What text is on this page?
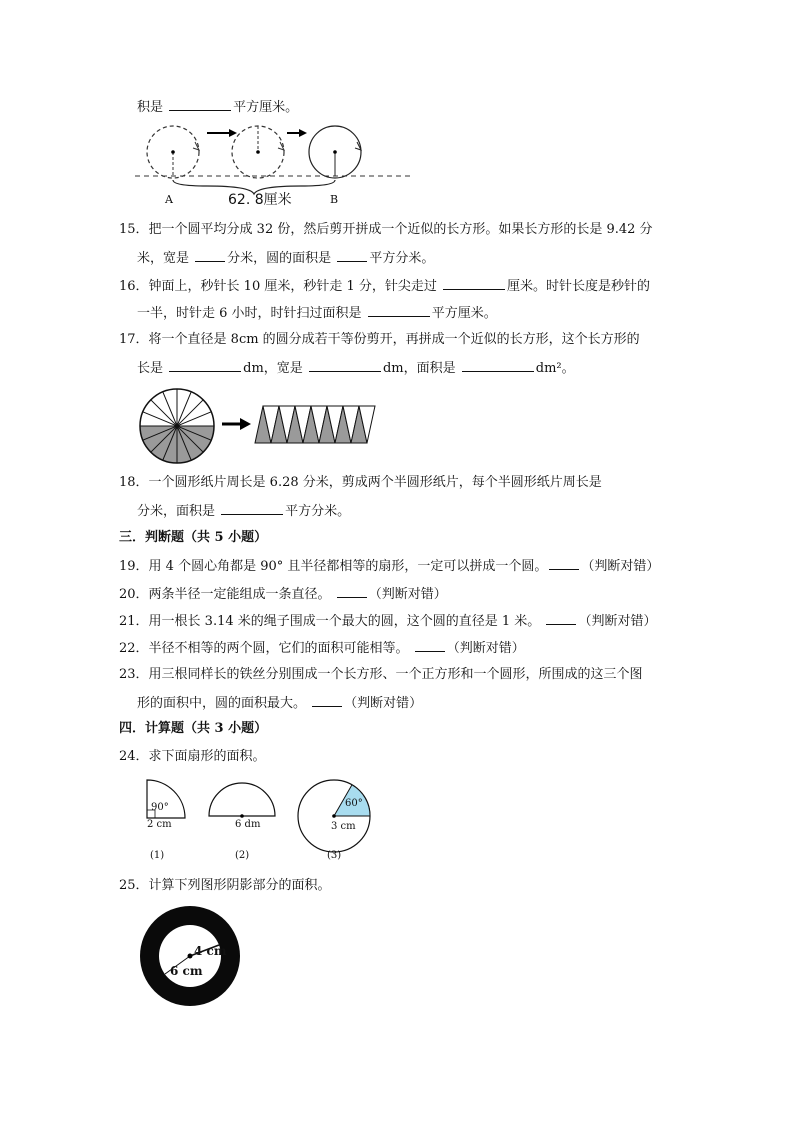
积是	平方厘米。
A	62. 8厘米	B
15．把一个圆平均分成 32 份，然后剪开拼成一个近似的长方形。如果长方形的长是 9.42 分
米，宽是	分米，圆的面积是	平方分米。
16．钟面上，秒针长 10 厘米，秒针走 1 分，针尖走过	厘米。时针长度是秒针的
一半，时针走 6 小时，时针扫过面积是	平方厘米。
17．将一个直径是 8cm 的圆分成若干等份剪开，再拼成一个近似的长方形，这个长方形的
长是	dm，宽是	dm，面积是	dm²。
18．一个圆形纸片周长是 6.28 分米，剪成两个半圆形纸片，每个半圆形纸片周长是
分米，面积是	平方分米。
三．判断题（共 5 小题）
19．用 4 个圆心角都是 90° 且半径都相等的扇形，一定可以拼成一个圆。	（判断对错）
20．两条半径一定能组成一条直径。	（判断对错）
21．用一根长 3.14 米的绳子围成一个最大的圆，这个圆的直径是 1 米。	（判断对错）
22．半径不相等的两个圆，它们的面积可能相等。	（判断对错）
23．用三根同样长的铁丝分别围成一个长方形、一个正方形和一个圆形，所围成的这三个图
形的面积中，圆的面积最大。	（判断对错）
四．计算题（共 3 小题）
24．求下面扇形的面积。
90°
2 cm	6 dm
60°
3 cm
(1)	(2)	(3)
25．计算下列图形阴影部分的面积。
4 cm
6 cm
